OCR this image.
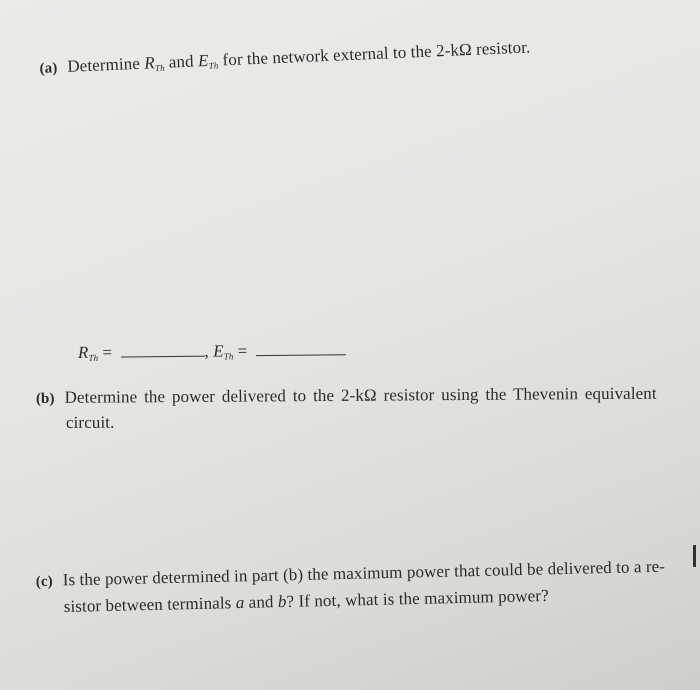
(a) Determine $R_{Th}$ and $E_{Th}$ for the network external to the 2-kΩ resistor.
$R_{Th}$ =	, $E_{Th}$ =
(b) Determine the power delivered to the 2-kΩ resistor using the Thevenin equivalent
circuit.
(c) Is the power determined in part (b) the maximum power that could be delivered to a re-
sistor between terminals a and b? If not, what is the maximum power?
